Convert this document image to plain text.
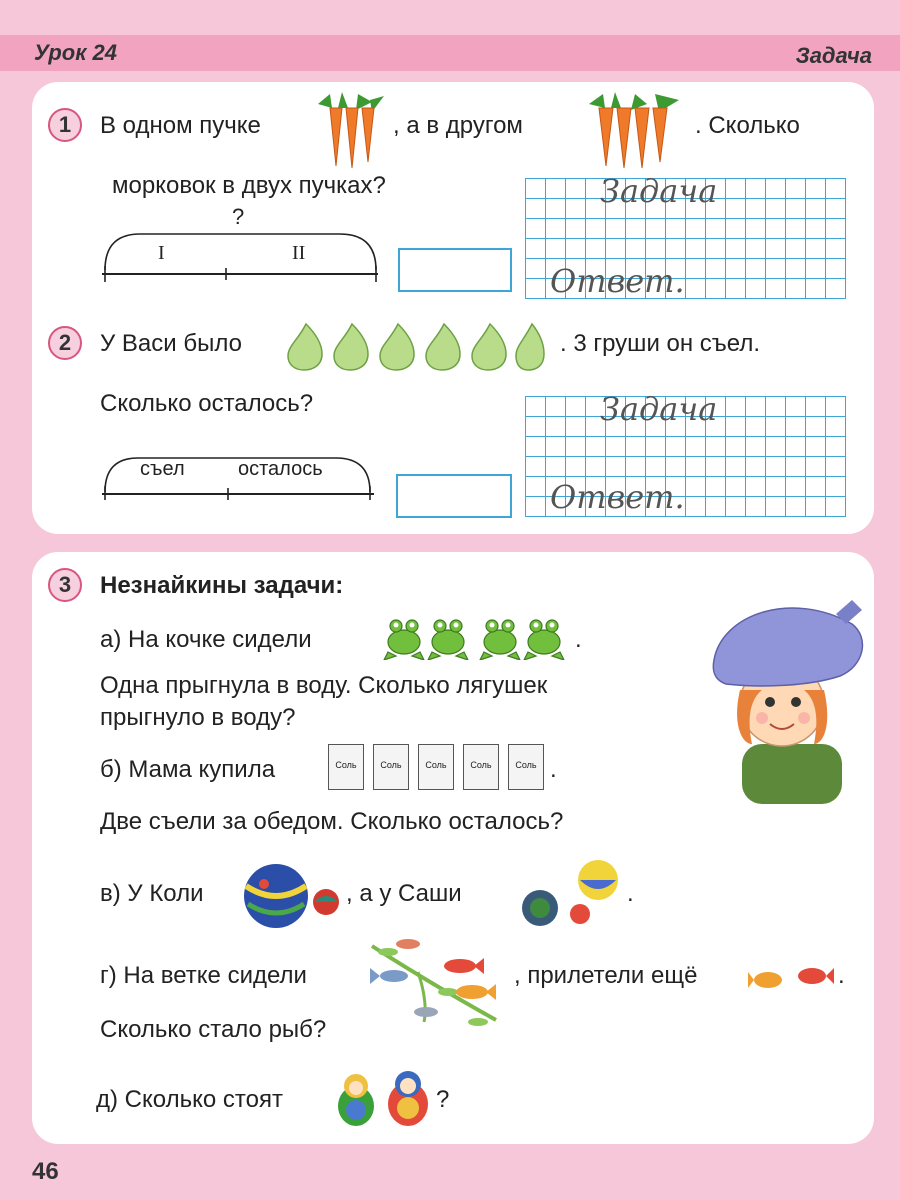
Урок 24	Задача
1	В одном пучке	, а в другом	. Сколько
морковок в двух пучках?
?
I	II
Задача
Ответ.
2	У Васи было	. 3 груши он съел.
Сколько осталось?
съел	осталось
Задача
Ответ.
3	Незнайкины задачи:
а) На кочке сидели	.
Одна прыгнула в воду. Сколько лягушек
прыгнуло в воду?
б) Мама купила	Соль	Соль	Соль	Соль	Соль .
Две съели за обедом. Сколько осталось?
в) У Коли	, а у Саши	.
г) На ветке сидели	, прилетели ещё	.
Сколько стало рыб?
д) Сколько стоят	?
46
